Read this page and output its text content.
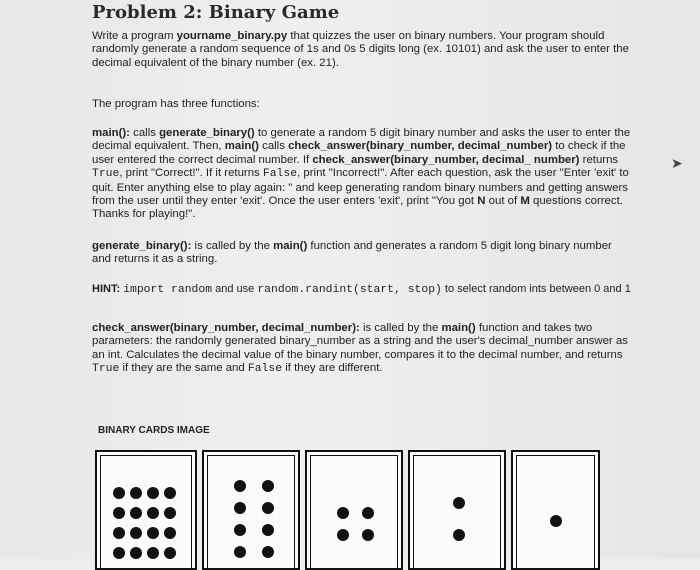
Problem 2: Binary Game

Write a program yourname_binary.py that quizzes the user on binary numbers. Your program should randomly generate a random sequence of 1s and 0s 5 digits long (ex. 10101) and ask the user to enter the decimal equivalent of the binary number (ex. 21).

The program has three functions:

main(): calls generate_binary() to generate a random 5 digit binary number and asks the user to enter the decimal equivalent. Then, main() calls check_answer(binary_number, decimal_number) to check if the user entered the correct decimal number. If check_answer(binary_number, decimal_ number) returns True, print "Correct!". If it returns False, print "Incorrect!". After each question, ask the user "Enter 'exit' to quit. Enter anything else to play again: " and keep generating random binary numbers and getting answers from the user until they enter 'exit'. Once the user enters 'exit', print "You got N out of M questions correct. Thanks for playing!".

generate_binary(): is called by the main() function and generates a random 5 digit long binary number and returns it as a string.

HINT: import random and use random.randint(start, stop) to select random ints between 0 and 1

check_answer(binary_number, decimal_number): is called by the main() function and takes two parameters: the randomly generated binary_number as a string and the user's decimal_number answer as an int. Calculates the decimal value of the binary number, compares it to the decimal number, and returns True if they are the same and False if they are different.

BINARY CARDS IMAGE

➤
